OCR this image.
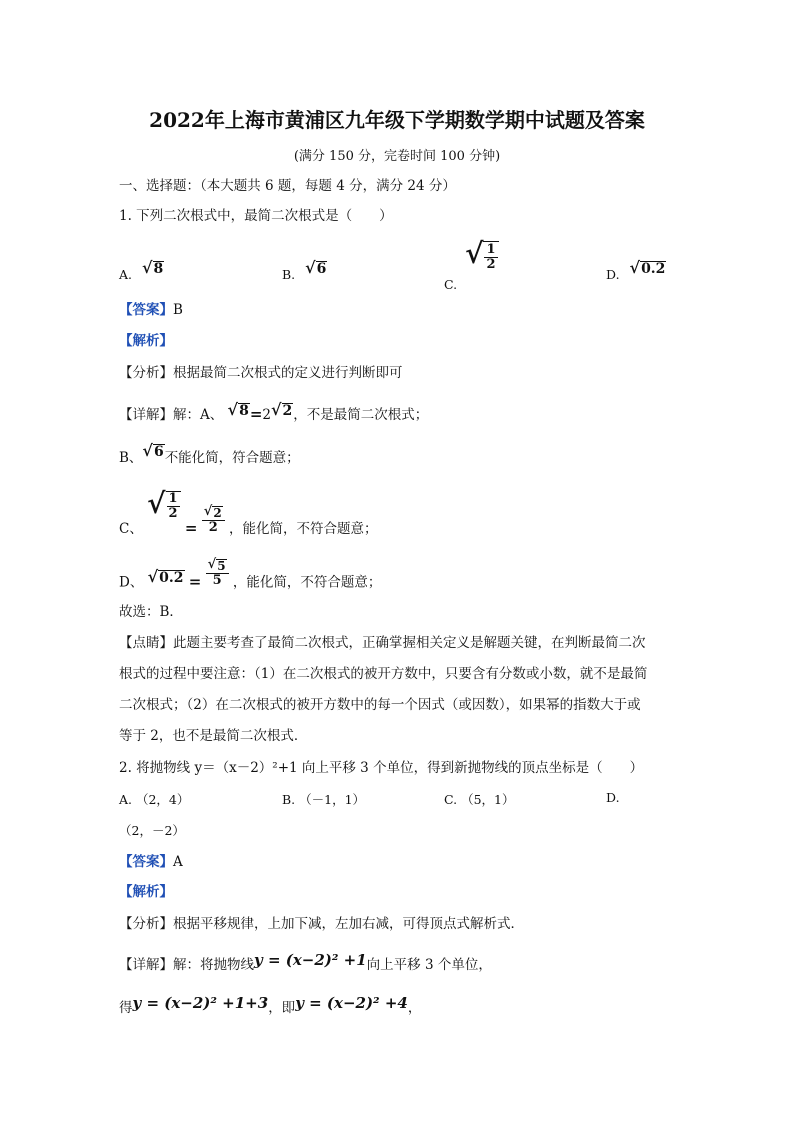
2022年上海市黄浦区九年级下学期数学期中试题及答案
(满分 150 分，完卷时间 100 分钟)
一、选择题：（本大题共 6 题，每题 4 分，满分 24 分）
1. 下列二次根式中，最简二次根式是（　　）
A. √ 8	B. √ 6
C.
√ $\frac{1}{2}$
D. √ 0.2
【答案】B
【解析】
【分析】根据最简二次根式的定义进行判断即可
【详解】解：A、 √ 8 =2 √ 2 ，不是最简二次根式；
B、 √ 6 不能化简，符合题意；
C、
√ $\frac{1}{2}$
= $\frac{√ 2}{2}$ ，能化简，不符合题意；
D、 √ $0.2 = \frac{√ 5}{5}$ ，能化简，不符合题意；
故选：B．
【点睛】此题主要考查了最简二次根式，正确掌握相关定义是解题关键，在判断最简二次
根式的过程中要注意：（1）在二次根式的被开方数中，只要含有分数或小数，就不是最简
二次根式；（2）在二次根式的被开方数中的每一个因式（或因数），如果幂的指数大于或
等于 2，也不是最简二次根式．
2. 将抛物线 y＝（x－2）²+1 向上平移 3 个单位，得到新抛物线的顶点坐标是（　　）
A. （2，4）	B. （－1，1）	C. （5，1）	D.
（2，－2）
【答案】A
【解析】
【分析】根据平移规律，上加下减，左加右减，可得顶点式解析式．
【详解】解：将抛物线y = (x−2)² +1向上平移 3 个单位，
得y = (x−2)² +1+3，即y = (x−2)² +4，
